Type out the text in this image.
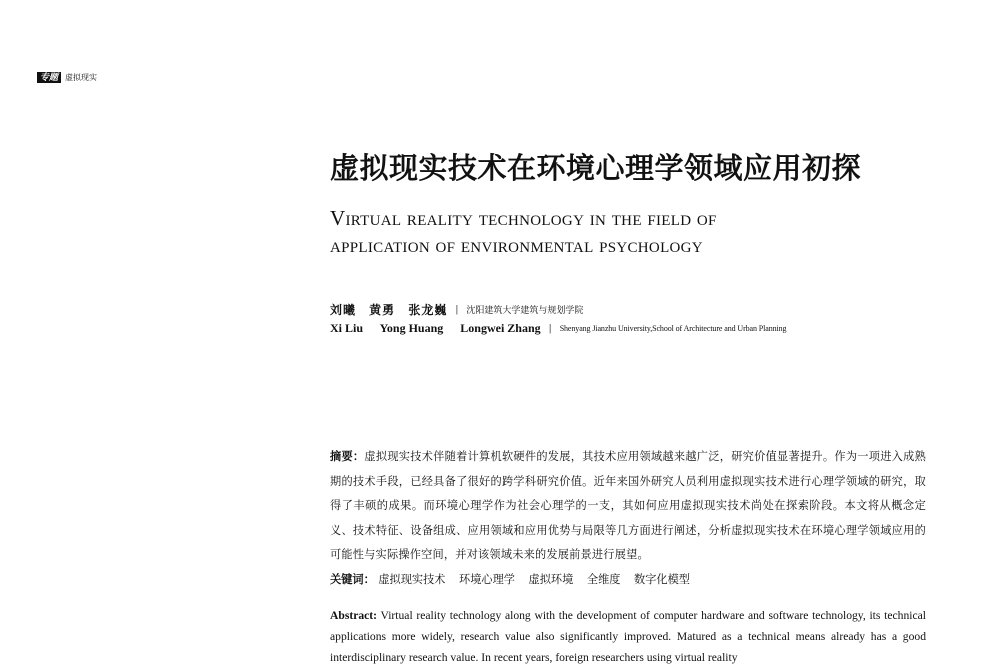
专题 虚拟现实
虚拟现实技术在环境心理学领域应用初探
Virtual reality technology in the field of
application of environmental psychology
刘曦 黄勇 张龙巍 | 沈阳建筑大学建筑与规划学院
Xi Liu Yong Huang Longwei Zhang | Shenyang Jianzhu University,School of Architecture and Urban Planning

摘要：虚拟现实技术伴随着计算机软硬件的发展，其技术应用领域越来越广泛，研究价值显著提升。作为一项进入成熟期的技术手段，已经具备了很好的跨学科研究价值。近年来国外研究人员利用虚拟现实技术进行心理学领域的研究，取得了丰硕的成果。而环境心理学作为社会心理学的一支，其如何应用虚拟现实技术尚处在探索阶段。本文将从概念定义、技术特征、设备组成、应用领域和应用优势与局限等几方面进行阐述，分析虚拟现实技术在环境心理学领域应用的可能性与实际操作空间，并对该领域未来的发展前景进行展望。

关键词： 虚拟现实技术 环境心理学 虚拟环境 全维度 数字化模型

Abstract: Virtual reality technology along with the development of computer hardware and software technology, its technical applications more widely, research value also significantly improved. Matured as a technical means already has a good interdisciplinary research value. In recent years, foreign researchers using virtual reality
